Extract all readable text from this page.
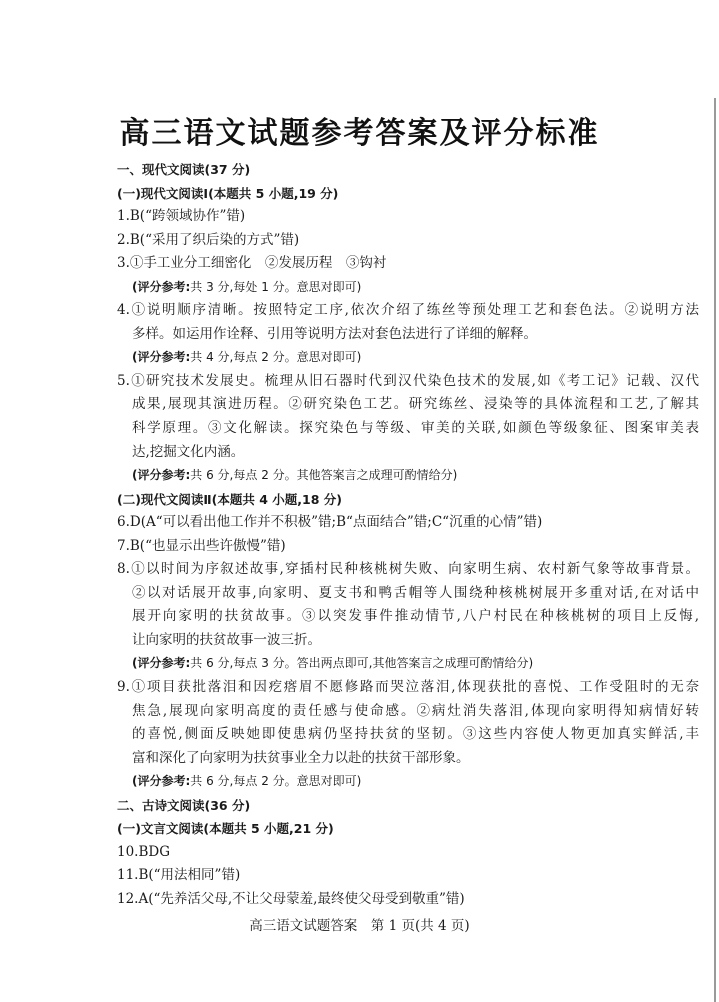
高三语文试题参考答案及评分标准
一、现代文阅读(37 分)
(一)现代文阅读Ⅰ(本题共 5 小题,19 分)
1.B(“跨领域协作”错)
2.B(“采用了织后染的方式”错)
3.①手工业分工细密化　②发展历程　③钩衬
(评分参考:共 3 分,每处 1 分。意思对即可)
4.①说明顺序清晰。按照特定工序,依次介绍了练丝等预处理工艺和套色法。②说明方法
多样。如运用作诠释、引用等说明方法对套色法进行了详细的解释。
(评分参考:共 4 分,每点 2 分。意思对即可)
5.①研究技术发展史。梳理从旧石器时代到汉代染色技术的发展,如《考工记》记载、汉代
成果,展现其演进历程。②研究染色工艺。研究练丝、浸染等的具体流程和工艺,了解其
科学原理。③文化解读。探究染色与等级、审美的关联,如颜色等级象征、图案审美表
达,挖掘文化内涵。
(评分参考:共 6 分,每点 2 分。其他答案言之成理可酌情给分)
(二)现代文阅读Ⅱ(本题共 4 小题,18 分)
6.D(A“可以看出他工作并不积极”错;B“点面结合”错;C“沉重的心情”错)
7.B(“也显示出些许傲慢”错)
8.①以时间为序叙述故事,穿插村民种核桃树失败、向家明生病、农村新气象等故事背景。
②以对话展开故事,向家明、夏支书和鸭舌帽等人围绕种核桃树展开多重对话,在对话中
展开向家明的扶贫故事。③以突发事件推动情节,八户村民在种核桃树的项目上反悔,
让向家明的扶贫故事一波三折。
(评分参考:共 6 分,每点 3 分。答出两点即可,其他答案言之成理可酌情给分)
9.①项目获批落泪和因疙瘩眉不愿修路而哭泣落泪,体现获批的喜悦、工作受阻时的无奈
焦急,展现向家明高度的责任感与使命感。②病灶消失落泪,体现向家明得知病情好转
的喜悦,侧面反映她即使患病仍坚持扶贫的坚韧。③这些内容使人物更加真实鲜活,丰
富和深化了向家明为扶贫事业全力以赴的扶贫干部形象。
(评分参考:共 6 分,每点 2 分。意思对即可)
二、古诗文阅读(36 分)
(一)文言文阅读(本题共 5 小题,21 分)
10.BDG
11.B(“用法相同”错)
12.A(“先养活父母,不让父母蒙羞,最终使父母受到敬重”错)
高三语文试题答案　第 1 页(共 4 页)
